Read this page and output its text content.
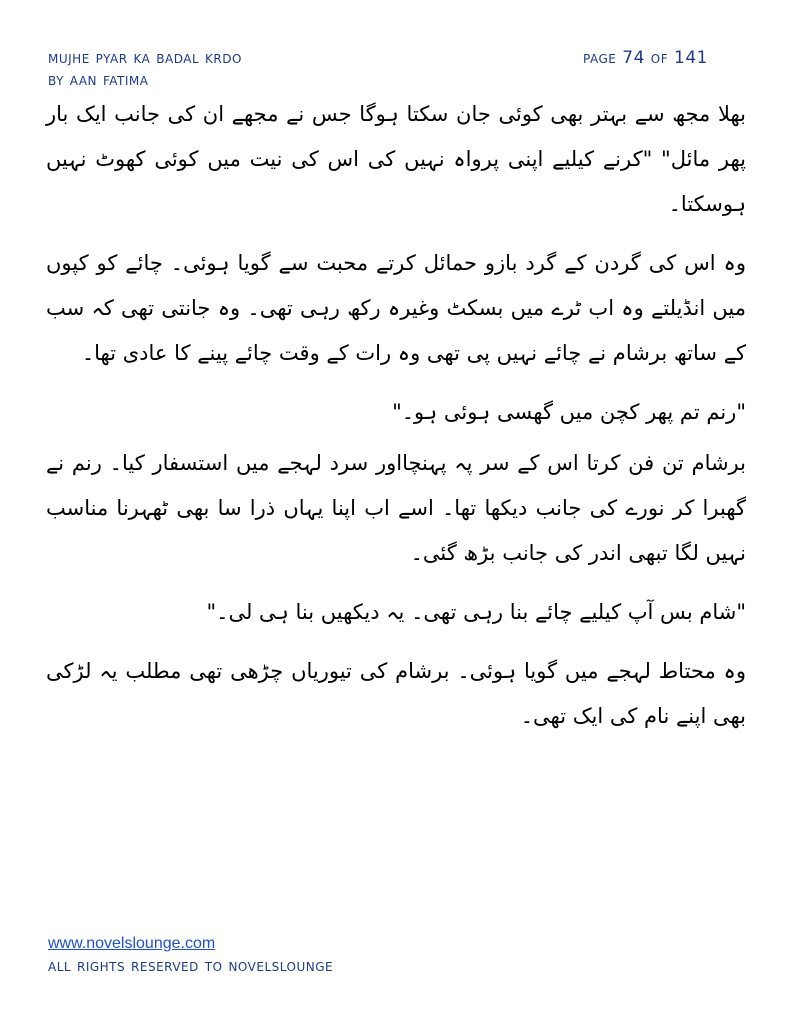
mujhe pyar ka badal krdo
by aan fatima
page 74 of 141

بھلا مجھ سے بہتر بھی کوئی جان سکتا ہوگا جس نے مجھے ان کی جانب ایک بار پھر مائل" "کرنے کیلیے اپنی پرواہ نہیں کی اس کی نیت میں کوئی کھوٹ نہیں ہوسکتا۔

وہ اس کی گردن کے گرد بازو حمائل کرتے محبت سے گویا ہوئی۔ چائے کو کپوں میں انڈیلتے وہ اب ٹرے میں بسکٹ وغیرہ رکھ رہی تھی۔ وہ جانتی تھی کہ سب کے ساتھ برشام نے چائے نہیں پی تھی وہ رات کے وقت چائے پینے کا عادی تھا۔

"رنم تم پھر کچن میں گھسی ہوئی ہو۔"

برشام تن فن کرتا اس کے سر پہ پہنچااور سرد لہجے میں استسفار کیا۔ رنم نے گھبرا کر نورے کی جانب دیکھا تھا۔ اسے اب اپنا یہاں ذرا سا بھی ٹھہرنا مناسب نہیں لگا تبھی اندر کی جانب بڑھ گئی۔

"شام بس آپ کیلیے چائے بنا رہی تھی۔ یہ دیکھیں بنا ہی لی۔"

وہ محتاط لہجے میں گویا ہوئی۔ برشام کی تیوریاں چڑھی تھی مطلب یہ لڑکی بھی اپنے نام کی ایک تھی۔

www.novelslounge.com
all rights reserved to novelslounge
